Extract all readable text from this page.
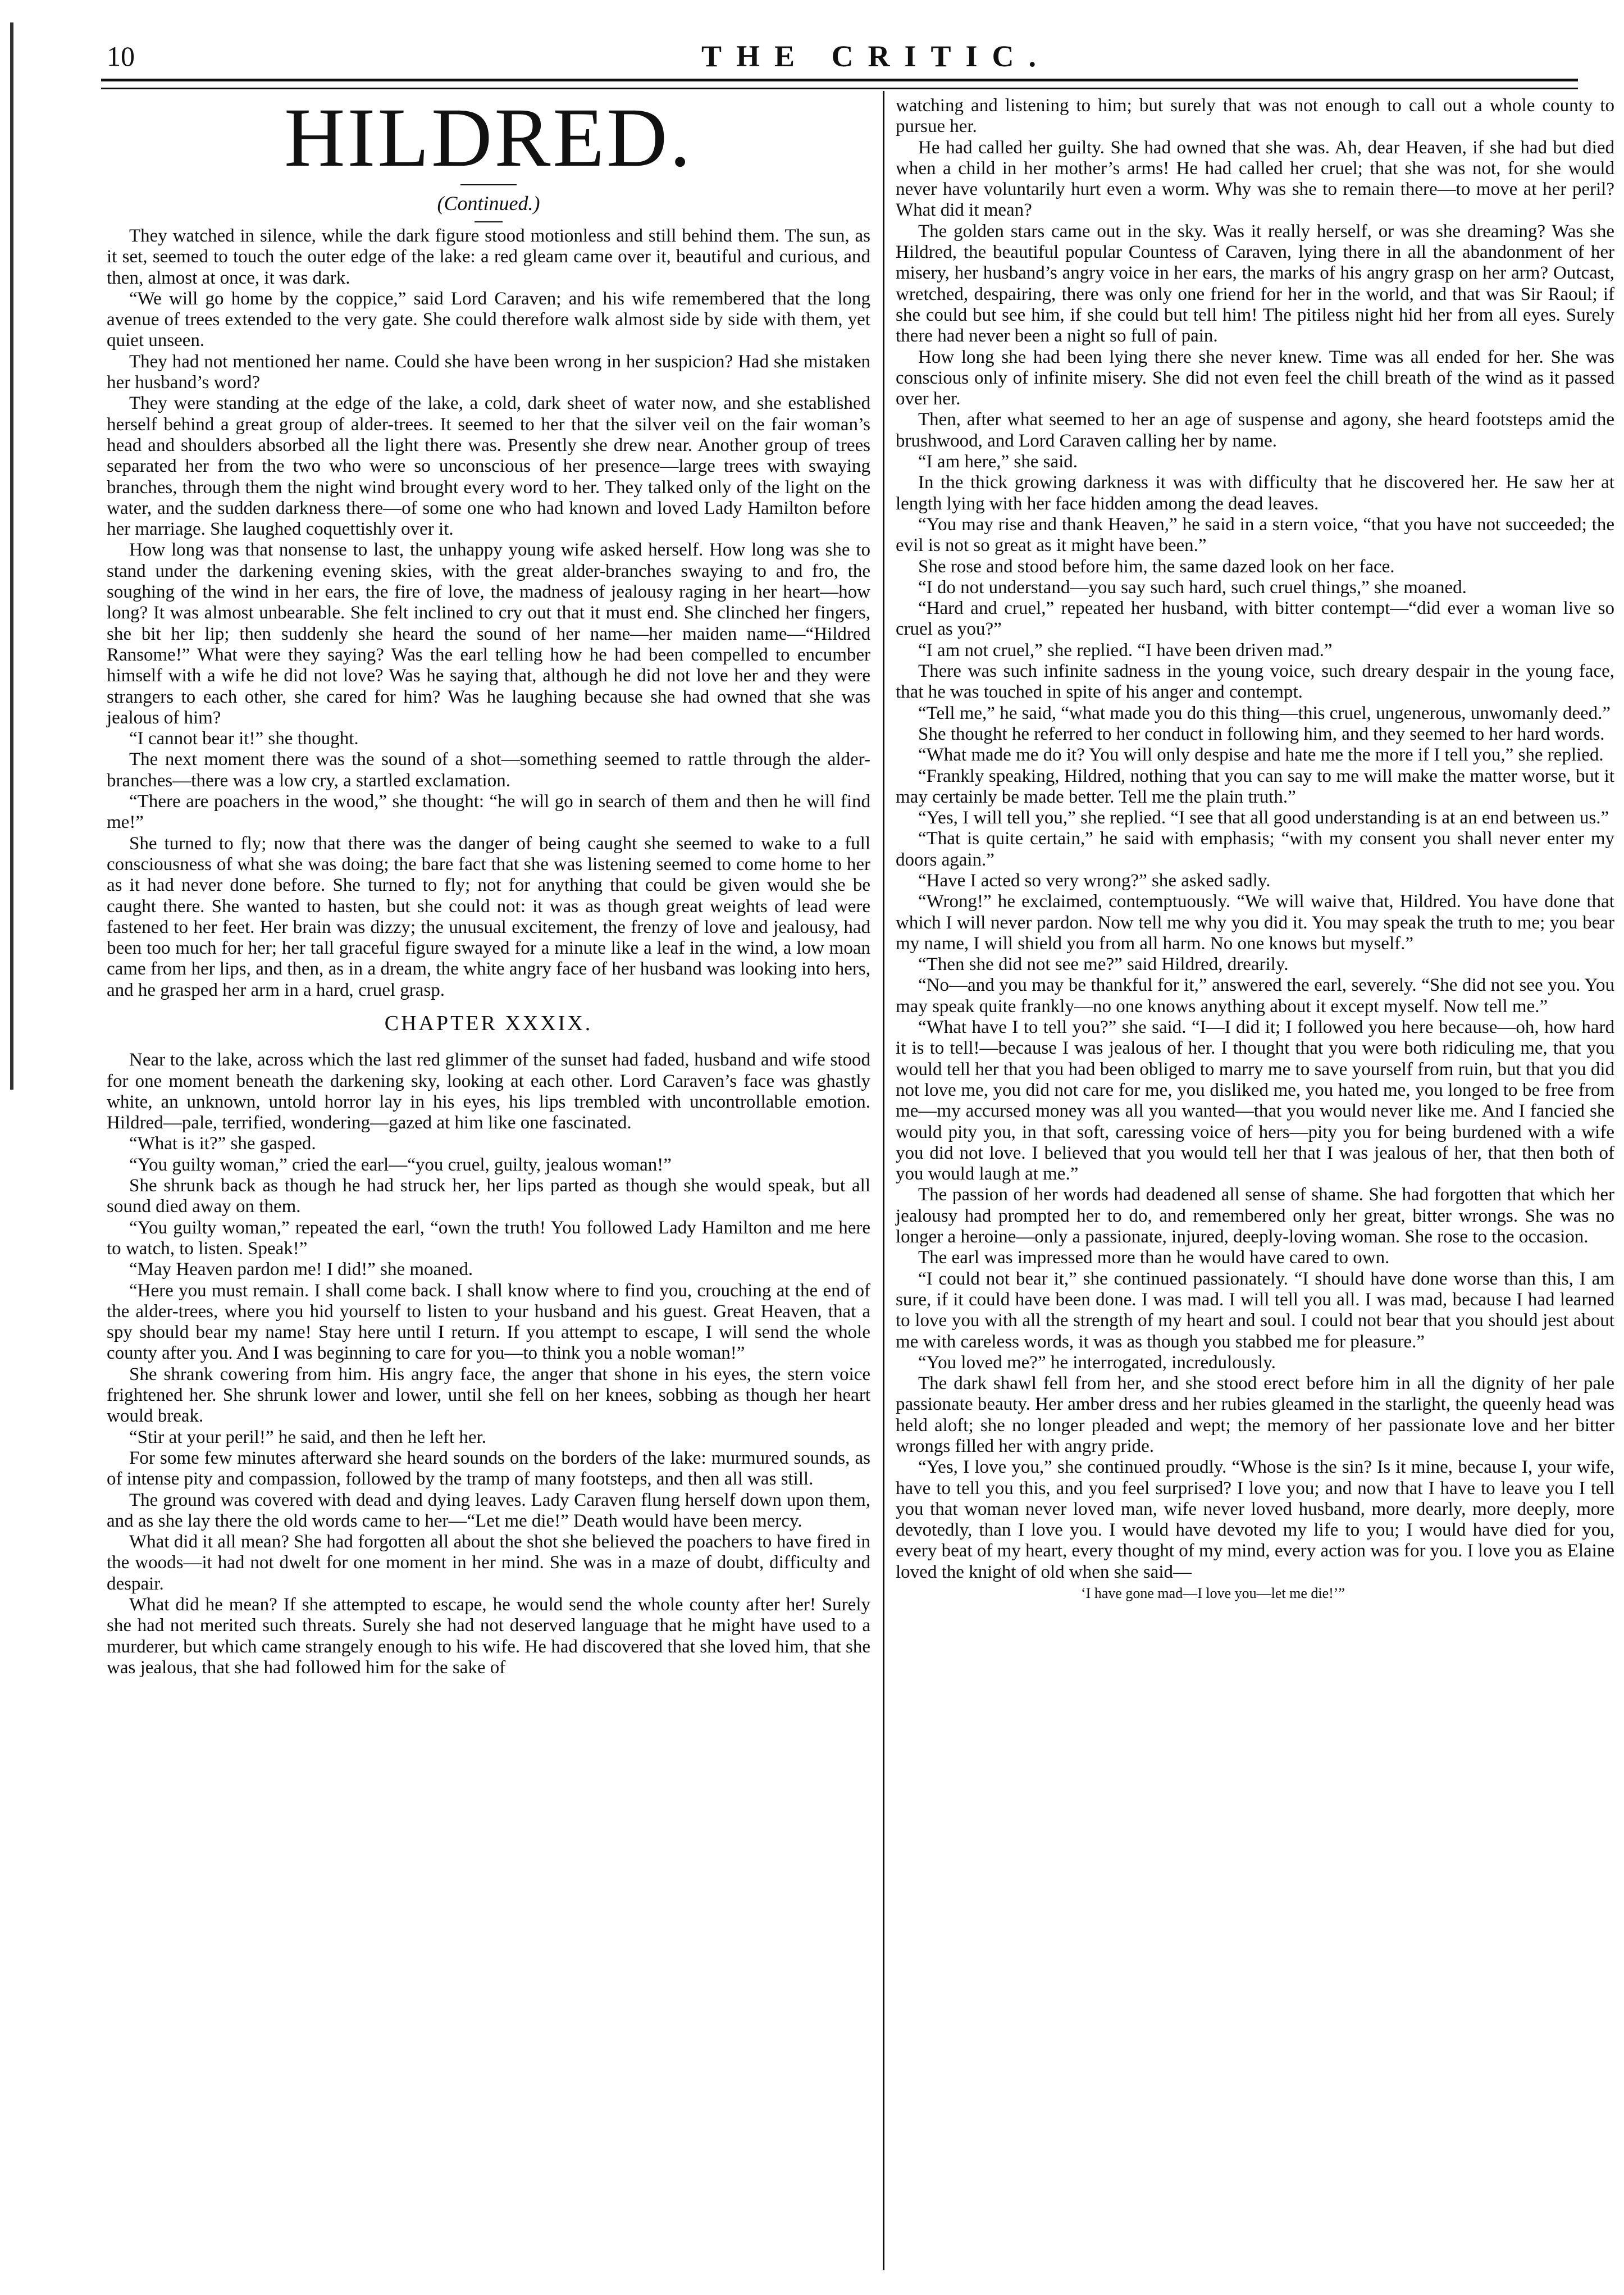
10	THE CRITIC.
HILDRED.
(Continued.)

They watched in silence, while the dark figure stood motionless and still behind them. The sun, as it set, seemed to touch the outer edge of the lake: a red gleam came over it, beautiful and curious, and then, almost at once, it was dark.

“We will go home by the coppice,” said Lord Caraven; and his wife remembered that the long avenue of trees extended to the very gate. She could therefore walk almost side by side with them, yet quiet unseen.

They had not mentioned her name. Could she have been wrong in her suspicion? Had she mistaken her husband’s word?

They were standing at the edge of the lake, a cold, dark sheet of water now, and she established herself behind a great group of alder-trees. It seemed to her that the silver veil on the fair woman’s head and shoulders absorbed all the light there was. Presently she drew near. Another group of trees separated her from the two who were so unconscious of her presence—large trees with swaying branches, through them the night wind brought every word to her. They talked only of the light on the water, and the sudden darkness there—of some one who had known and loved Lady Hamilton before her marriage. She laughed coquettishly over it.

How long was that nonsense to last, the unhappy young wife asked herself. How long was she to stand under the darkening evening skies, with the great alder-branches swaying to and fro, the soughing of the wind in her ears, the fire of love, the madness of jealousy raging in her heart—how long? It was almost unbearable. She felt inclined to cry out that it must end. She clinched her fingers, she bit her lip; then suddenly she heard the sound of her name—her maiden name—“Hildred Ransome!” What were they saying? Was the earl telling how he had been compelled to encumber himself with a wife he did not love? Was he saying that, although he did not love her and they were strangers to each other, she cared for him? Was he laughing because she had owned that she was jealous of him?

“I cannot bear it!” she thought.

The next moment there was the sound of a shot—something seemed to rattle through the alder-branches—there was a low cry, a startled exclamation.

“There are poachers in the wood,” she thought: “he will go in search of them and then he will find me!”

She turned to fly; now that there was the danger of being caught she seemed to wake to a full consciousness of what she was doing; the bare fact that she was listening seemed to come home to her as it had never done before. She turned to fly; not for anything that could be given would she be caught there. She wanted to hasten, but she could not: it was as though great weights of lead were fastened to her feet. Her brain was dizzy; the unusual excitement, the frenzy of love and jealousy, had been too much for her; her tall graceful figure swayed for a minute like a leaf in the wind, a low moan came from her lips, and then, as in a dream, the white angry face of her husband was looking into hers, and he grasped her arm in a hard, cruel grasp.

CHAPTER XXXIX.

Near to the lake, across which the last red glimmer of the sunset had faded, husband and wife stood for one moment beneath the darkening sky, looking at each other. Lord Caraven’s face was ghastly white, an unknown, untold horror lay in his eyes, his lips trembled with uncontrollable emotion. Hildred—pale, terrified, wondering—gazed at him like one fascinated.

“What is it?” she gasped.

“You guilty woman,” cried the earl—“you cruel, guilty, jealous woman!”

She shrunk back as though he had struck her, her lips parted as though she would speak, but all sound died away on them.

“You guilty woman,” repeated the earl, “own the truth! You followed Lady Hamilton and me here to watch, to listen. Speak!”

“May Heaven pardon me! I did!” she moaned.

“Here you must remain. I shall come back. I shall know where to find you, crouching at the end of the alder-trees, where you hid yourself to listen to your husband and his guest. Great Heaven, that a spy should bear my name! Stay here until I return. If you attempt to escape, I will send the whole county after you. And I was beginning to care for you—to think you a noble woman!”

She shrank cowering from him. His angry face, the anger that shone in his eyes, the stern voice frightened her. She shrunk lower and lower, until she fell on her knees, sobbing as though her heart would break.

“Stir at your peril!” he said, and then he left her.

For some few minutes afterward she heard sounds on the borders of the lake: murmured sounds, as of intense pity and compassion, followed by the tramp of many footsteps, and then all was still.

The ground was covered with dead and dying leaves. Lady Caraven flung herself down upon them, and as she lay there the old words came to her—“Let me die!” Death would have been mercy.

What did it all mean? She had forgotten all about the shot she believed the poachers to have fired in the woods—it had not dwelt for one moment in her mind. She was in a maze of doubt, difficulty and despair.

What did he mean? If she attempted to escape, he would send the whole county after her! Surely she had not merited such threats. Surely she had not deserved language that he might have used to a murderer, but which came strangely enough to his wife. He had discovered that she loved him, that she was jealous, that she had followed him for the sake of

watching and listening to him; but surely that was not enough to call out a whole county to pursue her.

He had called her guilty. She had owned that she was. Ah, dear Heaven, if she had but died when a child in her mother’s arms! He had called her cruel; that she was not, for she would never have voluntarily hurt even a worm. Why was she to remain there—to move at her peril? What did it mean?

The golden stars came out in the sky. Was it really herself, or was she dreaming? Was she Hildred, the beautiful popular Countess of Caraven, lying there in all the abandonment of her misery, her husband’s angry voice in her ears, the marks of his angry grasp on her arm? Outcast, wretched, despairing, there was only one friend for her in the world, and that was Sir Raoul; if she could but see him, if she could but tell him! The pitiless night hid her from all eyes. Surely there had never been a night so full of pain.

How long she had been lying there she never knew. Time was all ended for her. She was conscious only of infinite misery. She did not even feel the chill breath of the wind as it passed over her.

Then, after what seemed to her an age of suspense and agony, she heard footsteps amid the brushwood, and Lord Caraven calling her by name.

“I am here,” she said.

In the thick growing darkness it was with difficulty that he discovered her. He saw her at length lying with her face hidden among the dead leaves.

“You may rise and thank Heaven,” he said in a stern voice, “that you have not succeeded; the evil is not so great as it might have been.”

She rose and stood before him, the same dazed look on her face.

“I do not understand—you say such hard, such cruel things,” she moaned.

“Hard and cruel,” repeated her husband, with bitter contempt—“did ever a woman live so cruel as you?”

“I am not cruel,” she replied. “I have been driven mad.”

There was such infinite sadness in the young voice, such dreary despair in the young face, that he was touched in spite of his anger and contempt.

“Tell me,” he said, “what made you do this thing—this cruel, ungenerous, unwomanly deed.”

She thought he referred to her conduct in following him, and they seemed to her hard words.

“What made me do it? You will only despise and hate me the more if I tell you,” she replied.

“Frankly speaking, Hildred, nothing that you can say to me will make the matter worse, but it may certainly be made better. Tell me the plain truth.”

“Yes, I will tell you,” she replied. “I see that all good understanding is at an end between us.”

“That is quite certain,” he said with emphasis; “with my consent you shall never enter my doors again.”

“Have I acted so very wrong?” she asked sadly.

“Wrong!” he exclaimed, contemptuously. “We will waive that, Hildred. You have done that which I will never pardon. Now tell me why you did it. You may speak the truth to me; you bear my name, I will shield you from all harm. No one knows but myself.”

“Then she did not see me?” said Hildred, drearily.

“No—and you may be thankful for it,” answered the earl, severely. “She did not see you. You may speak quite frankly—no one knows anything about it except myself. Now tell me.”

“What have I to tell you?” she said. “I—I did it; I followed you here because—oh, how hard it is to tell!—because I was jealous of her. I thought that you were both ridiculing me, that you would tell her that you had been obliged to marry me to save yourself from ruin, but that you did not love me, you did not care for me, you disliked me, you hated me, you longed to be free from me—my accursed money was all you wanted—that you would never like me. And I fancied she would pity you, in that soft, caressing voice of hers—pity you for being burdened with a wife you did not love. I believed that you would tell her that I was jealous of her, that then both of you would laugh at me.”

The passion of her words had deadened all sense of shame. She had forgotten that which her jealousy had prompted her to do, and remembered only her great, bitter wrongs. She was no longer a heroine—only a passionate, injured, deeply-loving woman. She rose to the occasion.

The earl was impressed more than he would have cared to own.

“I could not bear it,” she continued passionately. “I should have done worse than this, I am sure, if it could have been done. I was mad. I will tell you all. I was mad, because I had learned to love you with all the strength of my heart and soul. I could not bear that you should jest about me with careless words, it was as though you stabbed me for pleasure.”

“You loved me?” he interrogated, incredulously.

The dark shawl fell from her, and she stood erect before him in all the dignity of her pale passionate beauty. Her amber dress and her rubies gleamed in the starlight, the queenly head was held aloft; she no longer pleaded and wept; the memory of her passionate love and her bitter wrongs filled her with angry pride.

“Yes, I love you,” she continued proudly. “Whose is the sin? Is it mine, because I, your wife, have to tell you this, and you feel surprised? I love you; and now that I have to leave you I tell you that woman never loved man, wife never loved husband, more dearly, more deeply, more devotedly, than I love you. I would have devoted my life to you; I would have died for you, every beat of my heart, every thought of my mind, every action was for you. I love you as Elaine loved the knight of old when she said—

‘I have gone mad—I love you—let me die!’”
